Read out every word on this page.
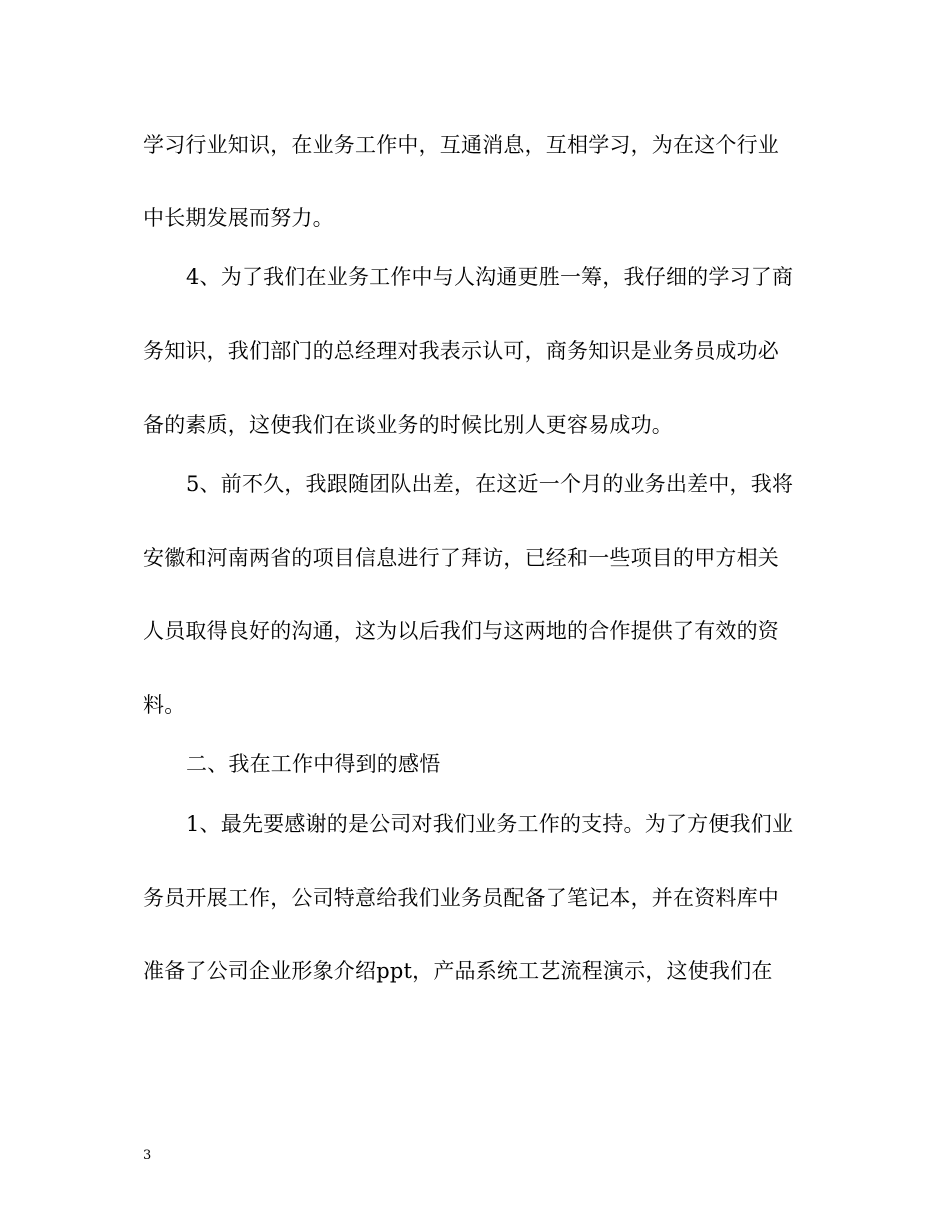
学习行业知识，在业务工作中，互通消息，互相学习，为在这个行业
中长期发展而努力。
4、为了我们在业务工作中与人沟通更胜一筹，我仔细的学习了商
务知识，我们部门的总经理对我表示认可，商务知识是业务员成功必
备的素质，这使我们在谈业务的时候比别人更容易成功。
5、前不久，我跟随团队出差，在这近一个月的业务出差中，我将
安徽和河南两省的项目信息进行了拜访，已经和一些项目的甲方相关
人员取得良好的沟通，这为以后我们与这两地的合作提供了有效的资
料。
二、我在工作中得到的感悟
1、最先要感谢的是公司对我们业务工作的支持。为了方便我们业
务员开展工作，公司特意给我们业务员配备了笔记本，并在资料库中
准备了公司企业形象介绍ppt，产品系统工艺流程演示，这使我们在
3
